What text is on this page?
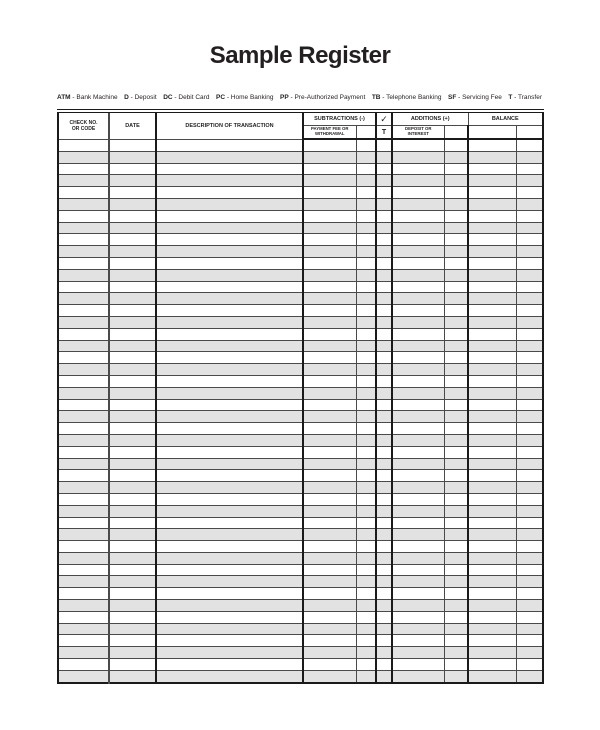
Sample Register
ATM - Bank Machine D - Deposit DC - Debit Card PC - Home Banking PP - Pre-Authorized Payment TB - Telephone Banking SF - Servicing Fee T - Transfer
CHECK NO.
OR CODE	DATE	DESCRIPTION OF TRANSACTION	SUBTRACTIONS (-)		✓	ADDITIONS (+)		BALANCE	
			PAYMENT FEE OR WITHDRAWAL		T	DEPOSIT OR INTEREST			
